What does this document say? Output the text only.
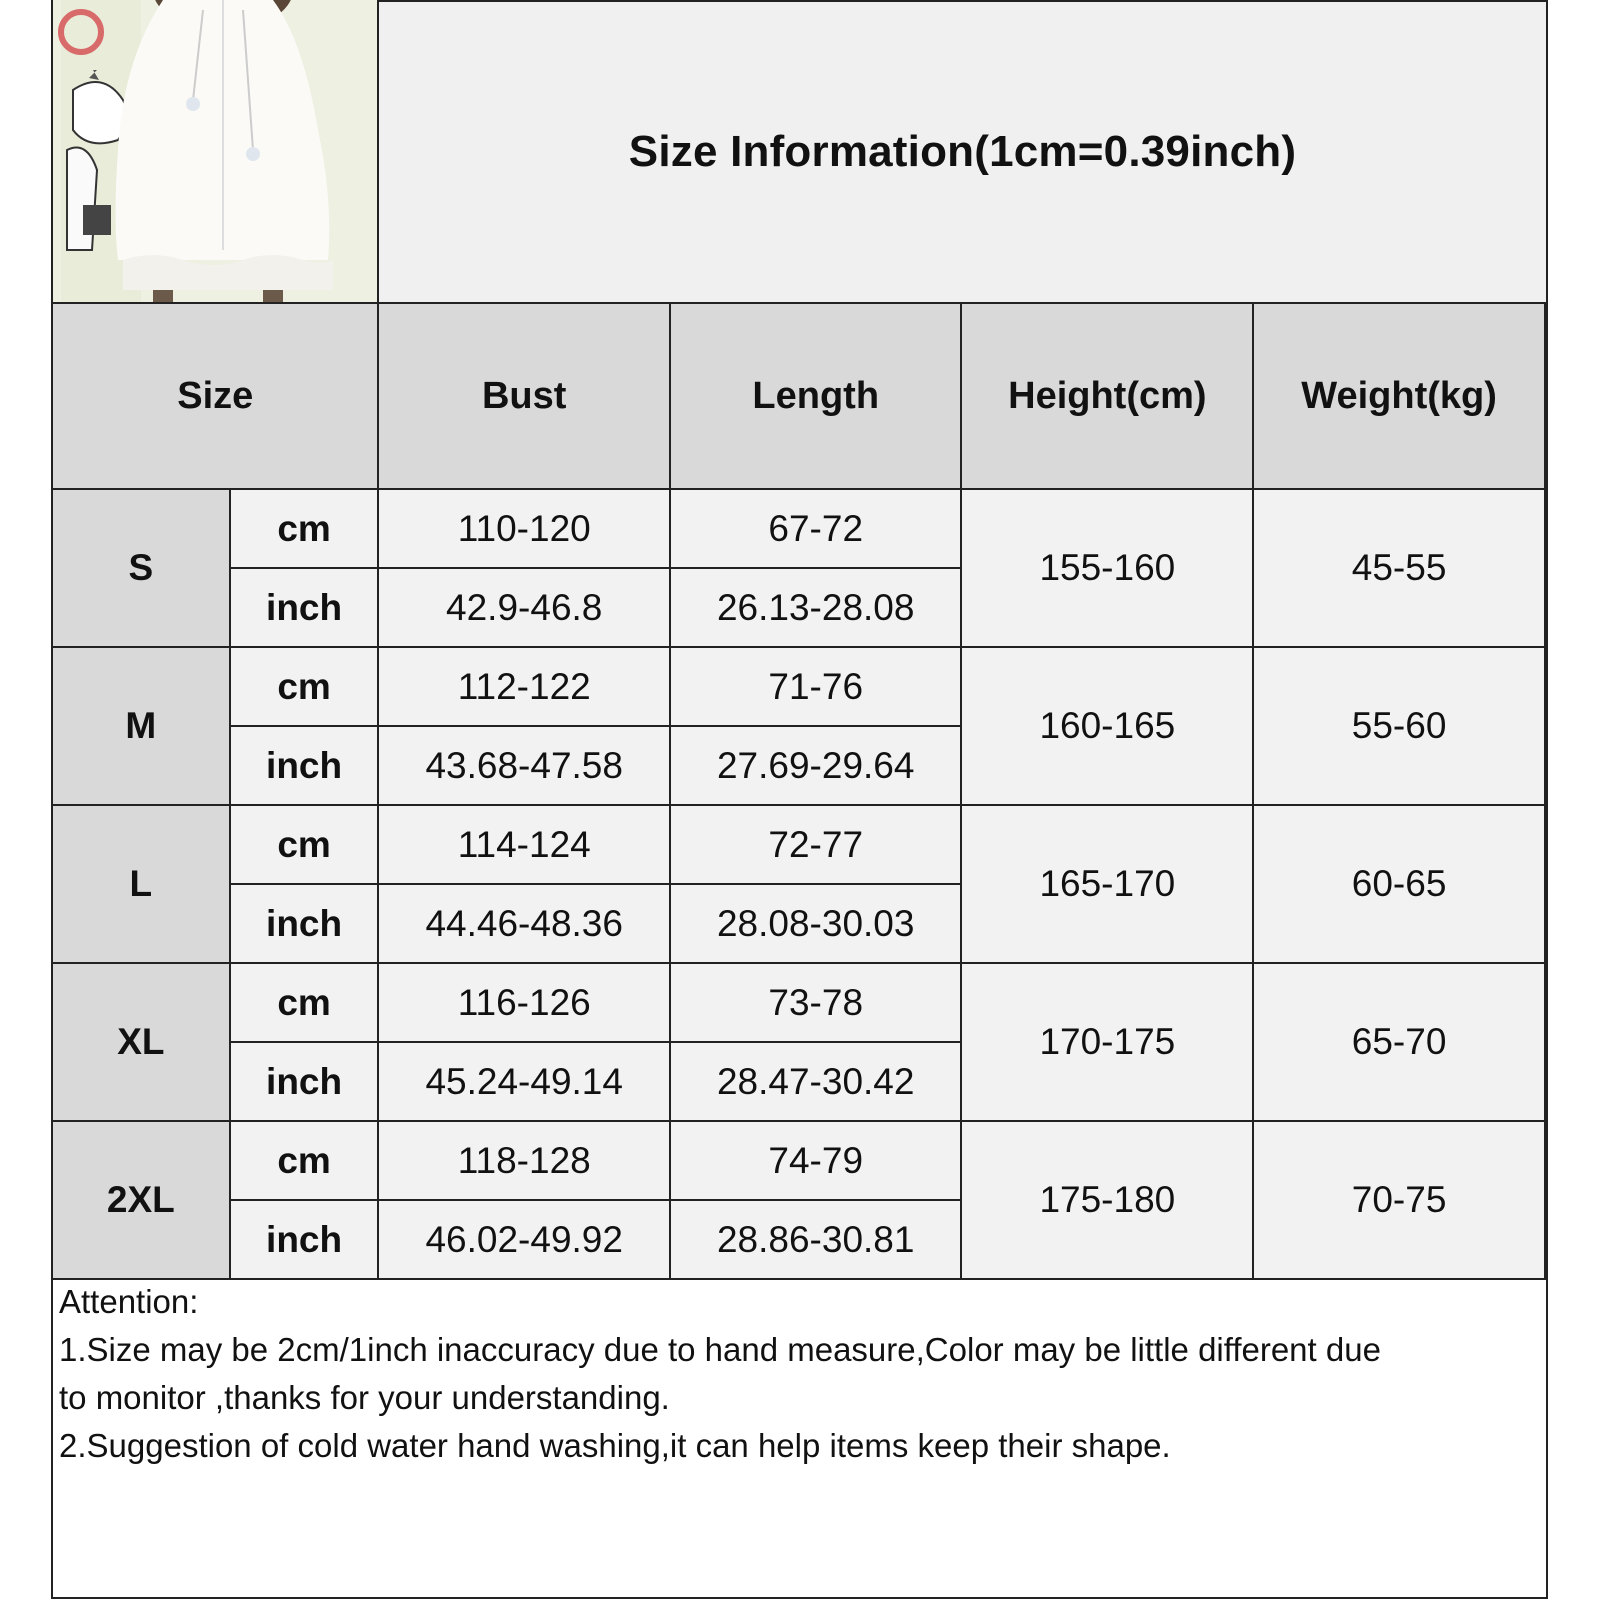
Size Information(1cm=0.39inch)
Size		Bust	Length	Height(cm)	Weight(kg)
S	cm	110-120	67-72	155-160	45-55
	inch	42.9-46.8	26.13-28.08		
M	cm	112-122	71-76	160-165	55-60
	inch	43.68-47.58	27.69-29.64		
L	cm	114-124	72-77	165-170	60-65
	inch	44.46-48.36	28.08-30.03		
XL	cm	116-126	73-78	170-175	65-70
	inch	45.24-49.14	28.47-30.42		
2XL	cm	118-128	74-79	175-180	70-75
	inch	46.02-49.92	28.86-30.81		
Attention:
1.Size may be 2cm/1inch inaccuracy due to hand measure,Color may be little different due
to monitor ,thanks for your understanding.
2.Suggestion of cold water hand washing,it can help items keep their shape.
